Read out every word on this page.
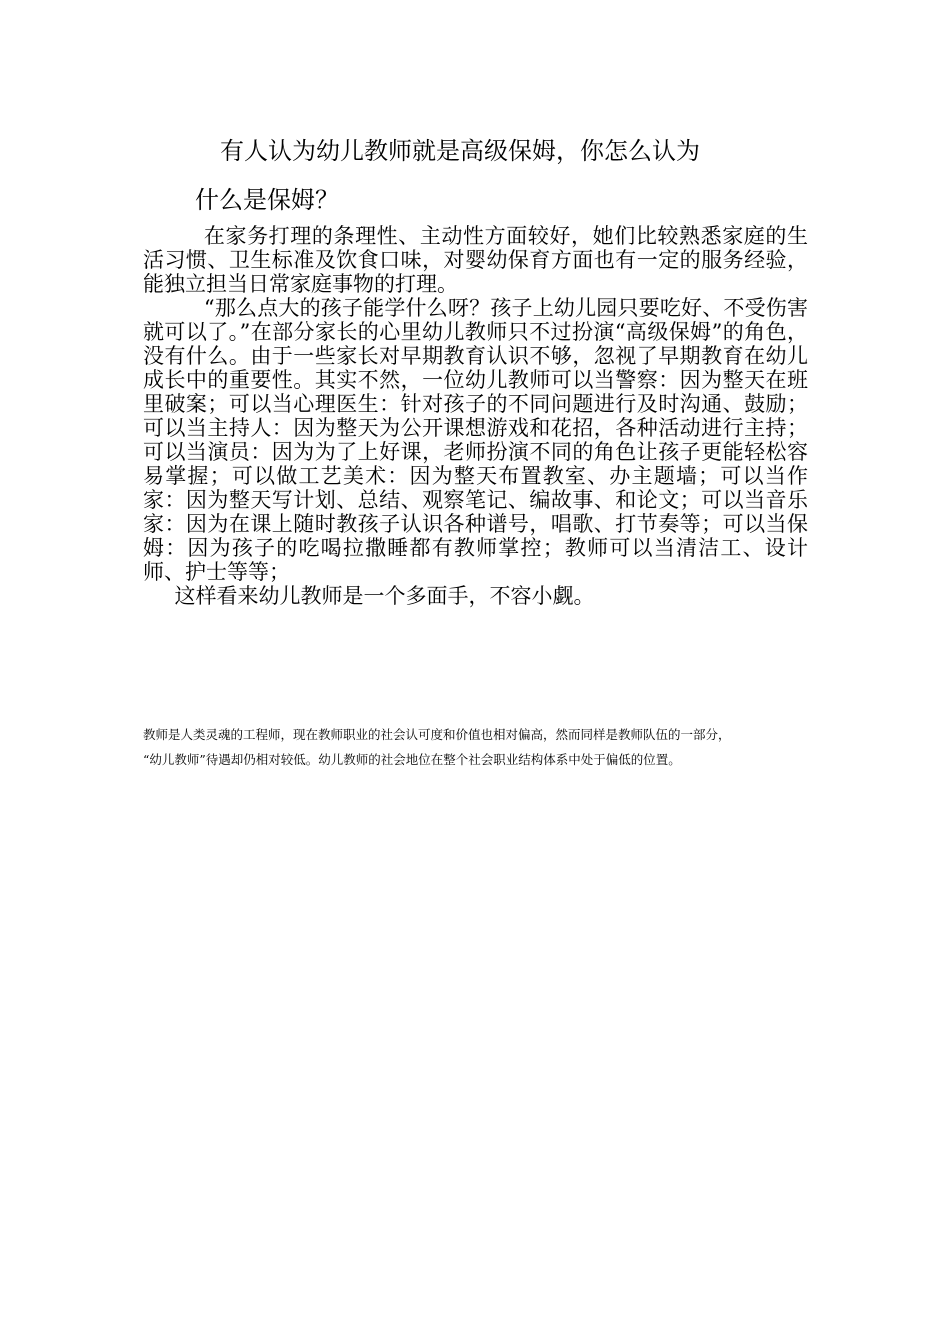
有人认为幼儿教师就是高级保姆，你怎么认为
什么是保姆？

在家务打理的条理性、主动性方面较好，她们比较熟悉家庭的生活习惯、卫生标准及饮食口味，对婴幼保育方面也有一定的服务经验，能独立担当日常家庭事物的打理。

“那么点大的孩子能学什么呀？孩子上幼儿园只要吃好、不受伤害就可以了。”在部分家长的心里幼儿教师只不过扮演“高级保姆”的角色，没有什么。由于一些家长对早期教育认识不够，忽视了早期教育在幼儿成长中的重要性。其实不然，一位幼儿教师可以当警察：因为整天在班里破案；可以当心理医生：针对孩子的不同问题进行及时沟通、鼓励；可以当主持人：因为整天为公开课想游戏和花招，各种活动进行主持；可以当演员：因为为了上好课，老师扮演不同的角色让孩子更能轻松容易掌握；可以做工艺美术：因为整天布置教室、办主题墙；可以当作家：因为整天写计划、总结、观察笔记、编故事、和论文；可以当音乐家：因为在课上随时教孩子认识各种谱号，唱歌、打节奏等；可以当保姆：因为孩子的吃喝拉撒睡都有教师掌控；教师可以当清洁工、设计师、护士等等；

这样看来幼儿教师是一个多面手，不容小觑。

教师是人类灵魂的工程师，现在教师职业的社会认可度和价值也相对偏高，然而同样是教师队伍的一部分，

“幼儿教师”待遇却仍相对较低。幼儿教师的社会地位在整个社会职业结构体系中处于偏低的位置。
